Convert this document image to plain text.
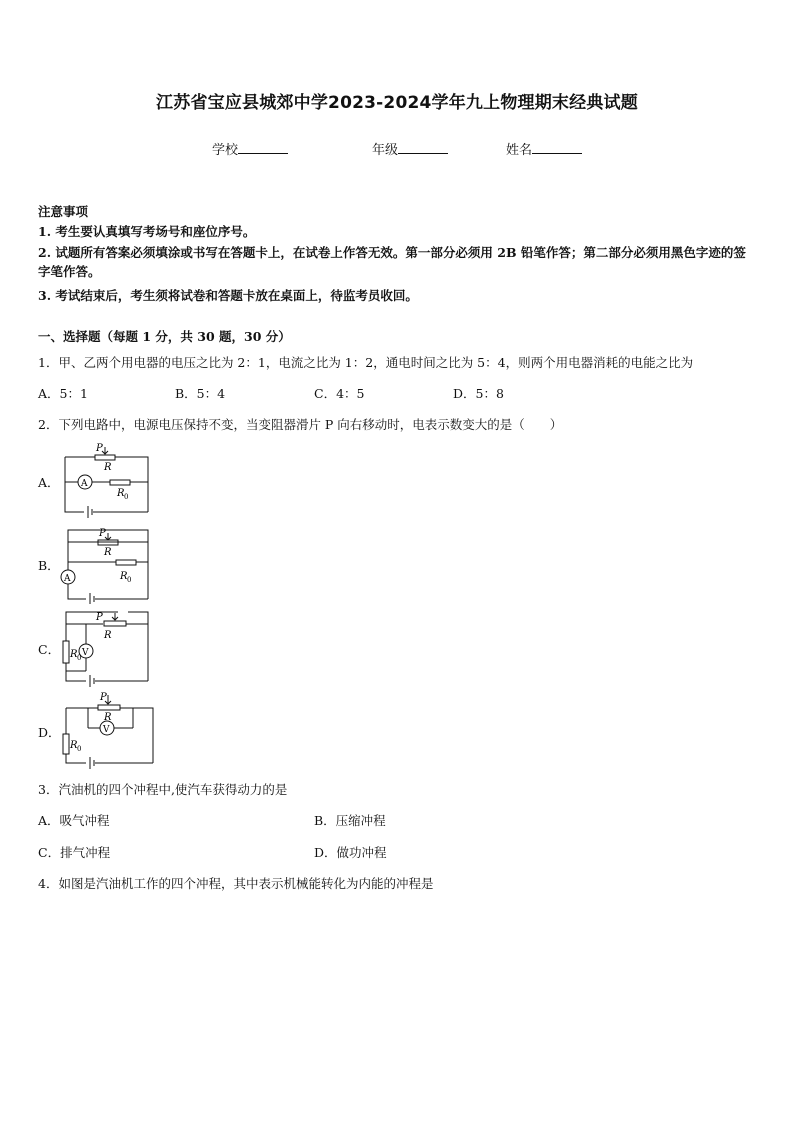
江苏省宝应县城郊中学2023-2024学年九上物理期末经典试题
学校	年级	姓名
注意事项
1. 考生要认真填写考场号和座位序号。
2. 试题所有答案必须填涂或书写在答题卡上，在试卷上作答无效。第一部分必须用 2B 铅笔作答；第二部分必须用黑色字迹的签字笔作答。
3. 考试结束后，考生须将试卷和答题卡放在桌面上，待监考员收回。
一、选择题（每题 1 分，共 30 题，30 分）
1．甲、乙两个用电器的电压之比为 2：1，电流之比为 1：2，通电时间之比为 5：4，则两个用电器消耗的电能之比为
A．5：1	B．5：4	C．4：5	D．5：8
2．下列电路中，电源电压保持不变，当变阻器滑片 P 向右移动时，电表示数变大的是（　　）
A．
B．
C．
D．
P
R
A
R 0
P
R
A	R 0
P
R
V
R 0
P
R
V
R 0
3．汽油机的四个冲程中,使汽车获得动力的是
A．吸气冲程	B．压缩冲程
C．排气冲程	D．做功冲程
4．如图是汽油机工作的四个冲程，其中表示机械能转化为内能的冲程是
